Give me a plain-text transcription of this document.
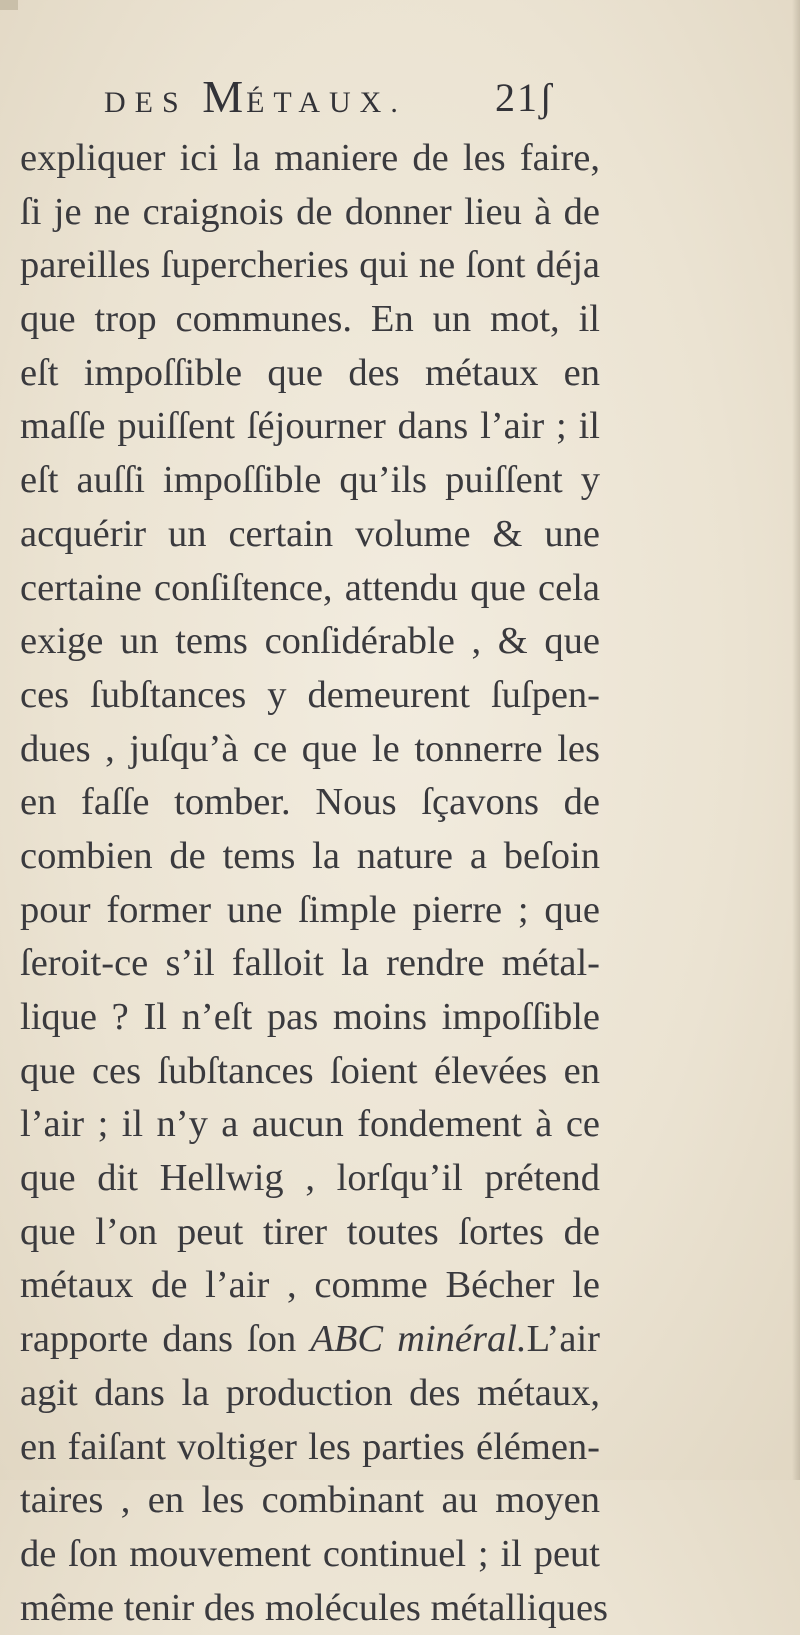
DES MÉTAUX. 21ʃ
expliquer ici la maniere de les faire,
ſi je ne craignois de donner lieu à de
pareilles ſupercheries qui ne ſont déja
que trop communes. En un mot, il
eſt impoſſible que des métaux en
maſſe puiſſent ſéjourner dans l’air ; il
eſt auſſi impoſſible qu’ils puiſſent y
acquérir un certain volume & une
certaine conſiſtence, attendu que cela
exige un tems conſidérable , & que
ces ſubſtances y demeurent ſuſpen-
dues , juſqu’à ce que le tonnerre les
en faſſe tomber. Nous ſçavons de
combien de tems la nature a beſoin
pour former une ſimple pierre ; que
ſeroit-ce s’il falloit la rendre métal-
lique ? Il n’eſt pas moins impoſſible
que ces ſubſtances ſoient élevées en
l’air ; il n’y a aucun fondement à ce
que dit Hellwig , lorſqu’il prétend
que l’on peut tirer toutes ſortes de
métaux de l’air , comme Bécher le
rapporte dans ſon ABC minéral.L’air
agit dans la production des métaux,
en faiſant voltiger les parties élémen-
taires , en les combinant au moyen
de ſon mouvement continuel ; il peut
même tenir des molécules métalliques
